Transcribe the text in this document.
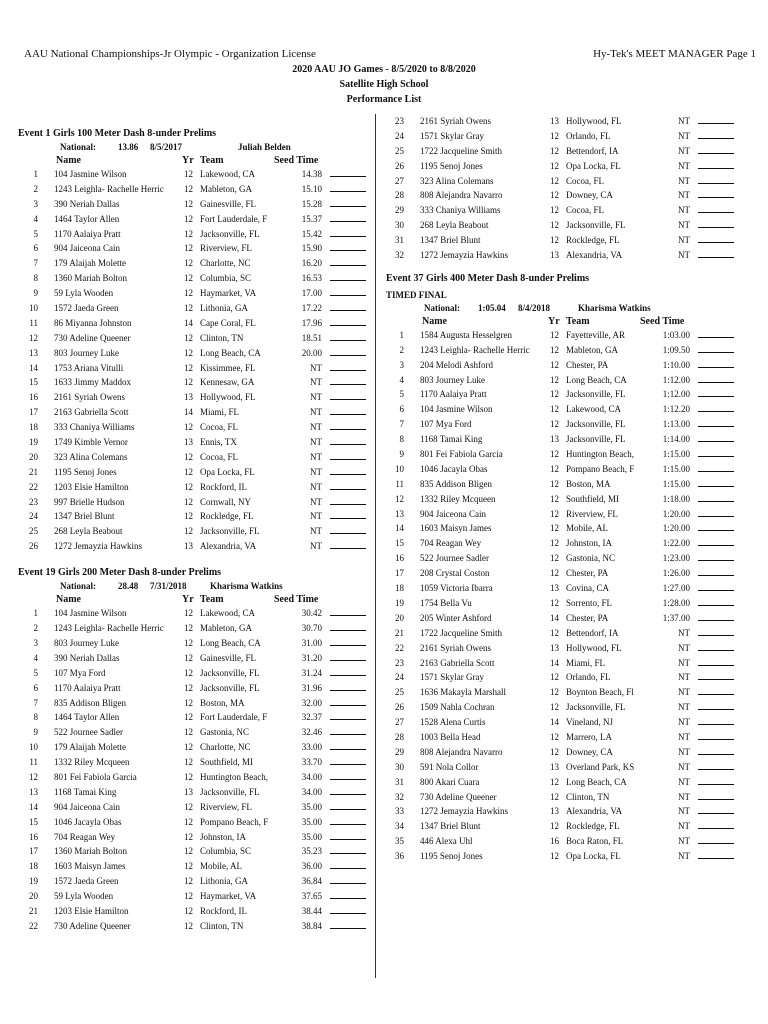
AAU National Championships-Jr Olympic - Organization License	Hy-Tek's MEET MANAGER Page 1
2020 AAU JO Games - 8/5/2020 to 8/8/2020
Satellite High School
Performance List
Event 1 Girls 100 Meter Dash 8-under Prelims
National: 13.86 8/5/2017	Juliah Belden
Name	Yr Team	Seed Time
1 104 Jasmine Wilson	12 Lakewood, CA	14.38
2 1243 Leighla- Rachelle Herric	12 Mableton, GA	15.10
3 390 Neriah Dallas	12 Gainesville, FL	15.28
4 1464 Taylor Allen	12 Fort Lauderdale, F	15.37
5 1170 Aalaiya Pratt	12 Jacksonville, FL	15.42
6 904 Jaiceona Cain	12 Riverview, FL	15.90
7 179 Alaijah Molette	12 Charlotte, NC	16.20
8 1360 Mariah Bolton	12 Columbia, SC	16.53
9 59 Lyla Wooden	12 Haymarket, VA	17.00
10 1572 Jaeda Green	12 Lithonia, GA	17.22
11 86 Miyanna Johnston	14 Cape Coral, FL	17.96
12 730 Adeline Queener	12 Clinton, TN	18.51
13 803 Journey Luke	12 Long Beach, CA	20.00
14 1753 Ariana Vitulli	12 Kissimmee, FL	NT
15 1633 Jimmy Maddox	12 Kennesaw, GA	NT
16 2161 Syriah Owens	13 Hollywood, FL	NT
17 2163 Gabriella Scott	14 Miami, FL	NT
18 333 Chaniya Williams	12 Cocoa, FL	NT
19 1749 Kimble Vernor	13 Ennis, TX	NT
20 323 Alina Colemans	12 Cocoa, FL	NT
21 1195 Senoj Jones	12 Opa Locka, FL	NT
22 1203 Elsie Hamilton	12 Rockford, IL	NT
23 997 Brielle Hudson	12 Cornwall, NY	NT
24 1347 Briel Blunt	12 Rockledge, FL	NT
25 268 Leyla Beabout	12 Jacksonville, FL	NT
26 1272 Jemayzia Hawkins	13 Alexandria, VA	NT
Event 19 Girls 200 Meter Dash 8-under Prelims
National: 28.48 7/31/2018	Kharisma Watkins
Name	Yr Team	Seed Time
1 104 Jasmine Wilson	12 Lakewood, CA	30.42
2 1243 Leighla- Rachelle Herric	12 Mableton, GA	30.70
3 803 Journey Luke	12 Long Beach, CA	31.00
4 390 Neriah Dallas	12 Gainesville, FL	31.20
5 107 Mya Ford	12 Jacksonville, FL	31.24
6 1170 Aalaiya Pratt	12 Jacksonville, FL	31.96
7 835 Addison Bligen	12 Boston, MA	32.00
8 1464 Taylor Allen	12 Fort Lauderdale, F	32.37
9 522 Journee Sadler	12 Gastonia, NC	32.46
10 179 Alaijah Molette	12 Charlotte, NC	33.00
11 1332 Riley Mcqueen	12 Southfield, MI	33.70
12 801 Fei Fabiola Garcia	12 Huntington Beach,	34.00
13 1168 Tamai King	13 Jacksonville, FL	34.00
14 904 Jaiceona Cain	12 Riverview, FL	35.00
15 1046 Jacayla Obas	12 Pompano Beach, F	35.00
16 704 Reagan Wey	12 Johnston, IA	35.00
17 1360 Mariah Bolton	12 Columbia, SC	35.23
18 1603 Maisyn James	12 Mobile, AL	36.00
19 1572 Jaeda Green	12 Lithonia, GA	36.84
20 59 Lyla Wooden	12 Haymarket, VA	37.65
21 1203 Elsie Hamilton	12 Rockford, IL	38.44
22 730 Adeline Queener	12 Clinton, TN	38.84
23 2161 Syriah Owens	13 Hollywood, FL	NT
24 1571 Skylar Gray	12 Orlando, FL	NT
25 1722 Jacqueline Smith	12 Bettendorf, IA	NT
26 1195 Senoj Jones	12 Opa Locka, FL	NT
27 323 Alina Colemans	12 Cocoa, FL	NT
28 808 Alejandra Navarro	12 Downey, CA	NT
29 333 Chaniya Williams	12 Cocoa, FL	NT
30 268 Leyla Beabout	12 Jacksonville, FL	NT
31 1347 Briel Blunt	12 Rockledge, FL	NT
32 1272 Jemayzia Hawkins	13 Alexandria, VA	NT
Event 37 Girls 400 Meter Dash 8-under Prelims
TIMED FINAL
National: 1:05.04 8/4/2018	Kharisma Watkins
Name	Yr Team	Seed Time
1 1584 Augusta Hesselgren	12 Fayetteville, AR	1:03.00
2 1243 Leighla- Rachelle Herric	12 Mableton, GA	1:09.50
3 204 Melodi Ashford	12 Chester, PA	1:10.00
4 803 Journey Luke	12 Long Beach, CA	1:12.00
5 1170 Aalaiya Pratt	12 Jacksonville, FL	1:12.00
6 104 Jasmine Wilson	12 Lakewood, CA	1:12.20
7 107 Mya Ford	12 Jacksonville, FL	1:13.00
8 1168 Tamai King	13 Jacksonville, FL	1:14.00
9 801 Fei Fabiola Garcia	12 Huntington Beach,	1:15.00
10 1046 Jacayla Obas	12 Pompano Beach, F	1:15.00
11 835 Addison Bligen	12 Boston, MA	1:15.00
12 1332 Riley Mcqueen	12 Southfield, MI	1:18.00
13 904 Jaiceona Cain	12 Riverview, FL	1:20.00
14 1603 Maisyn James	12 Mobile, AL	1:20.00
15 704 Reagan Wey	12 Johnston, IA	1:22.00
16 522 Journee Sadler	12 Gastonia, NC	1:23.00
17 208 Crystal Coston	12 Chester, PA	1:26.00
18 1059 Victoria Ibarra	13 Covina, CA	1:27.00
19 1754 Bella Vu	12 Sorrento, FL	1:28.00
20 205 Winter Ashford	14 Chester, PA	1:37.00
21 1722 Jacqueline Smith	12 Bettendorf, IA	NT
22 2161 Syriah Owens	13 Hollywood, FL	NT
23 2163 Gabriella Scott	14 Miami, FL	NT
24 1571 Skylar Gray	12 Orlando, FL	NT
25 1636 Makayla Marshall	12 Boynton Beach, Fl	NT
26 1509 Nahla Cochran	12 Jacksonville, FL	NT
27 1528 Alena Curtis	14 Vineland, NJ	NT
28 1003 Bella Head	12 Marrero, LA	NT
29 808 Alejandra Navarro	12 Downey, CA	NT
30 591 Nola Collor	13 Overland Park, KS	NT
31 800 Akari Cuara	12 Long Beach, CA	NT
32 730 Adeline Queener	12 Clinton, TN	NT
33 1272 Jemayzia Hawkins	13 Alexandria, VA	NT
34 1347 Briel Blunt	12 Rockledge, FL	NT
35 446 Alexa Uhl	16 Boca Raton, FL	NT
36 1195 Senoj Jones	12 Opa Locka, FL	NT
